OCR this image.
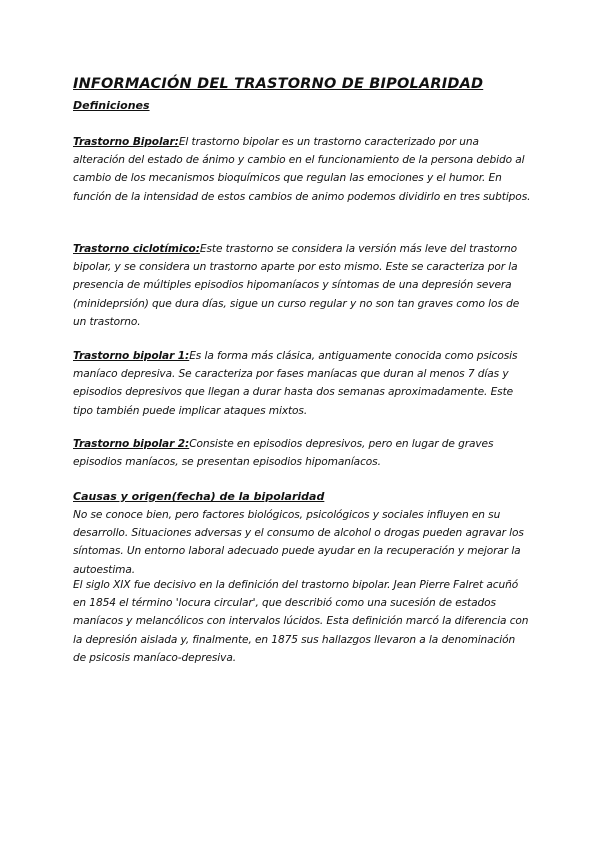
INFORMACIÓN DEL TRASTORNO DE BIPOLARIDAD
Definiciones
Trastorno Bipolar:El trastorno bipolar es un trastorno caracterizado por una alteración del estado de ánimo y cambio en el funcionamiento de la persona debido al cambio de los mecanismos bioquímicos que regulan las emociones y el humor. En función de la intensidad de estos cambios de animo podemos dividirlo en tres subtipos.
Trastorno ciclotímico:Este trastorno se considera la versión más leve del trastorno bipolar, y se considera un trastorno aparte por esto mismo. Este se caracteriza por la presencia de múltiples episodios hipomaníacos y síntomas de una depresión severa (minideprsión) que dura días, sigue un curso regular y no son tan graves como los de un trastorno.
Trastorno bipolar 1:Es la forma más clásica, antiguamente conocida como psicosis maníaco depresiva. Se caracteriza por fases maníacas que duran al menos 7 días y episodios depresivos que llegan a durar hasta dos semanas aproximadamente. Este tipo también puede implicar ataques mixtos.
Trastorno bipolar 2:Consiste en episodios depresivos, pero en lugar de graves episodios maníacos, se presentan episodios hipomaníacos.
Causas y origen(fecha) de la bipolaridad
No se conoce bien, pero factores biológicos, psicológicos y sociales influyen en su desarrollo. Situaciones adversas y el consumo de alcohol o drogas pueden agravar los síntomas. Un entorno laboral adecuado puede ayudar en la recuperación y mejorar la autoestima.
El siglo XIX fue decisivo en la definición del trastorno bipolar. Jean Pierre Falret acuñó en 1854 el término 'locura circular', que describió como una sucesión de estados maníacos y melancólicos con intervalos lúcidos. Esta definición marcó la diferencia con la depresión aislada y, finalmente, en 1875 sus hallazgos llevaron a la denominación de psicosis maníaco-depresiva.
